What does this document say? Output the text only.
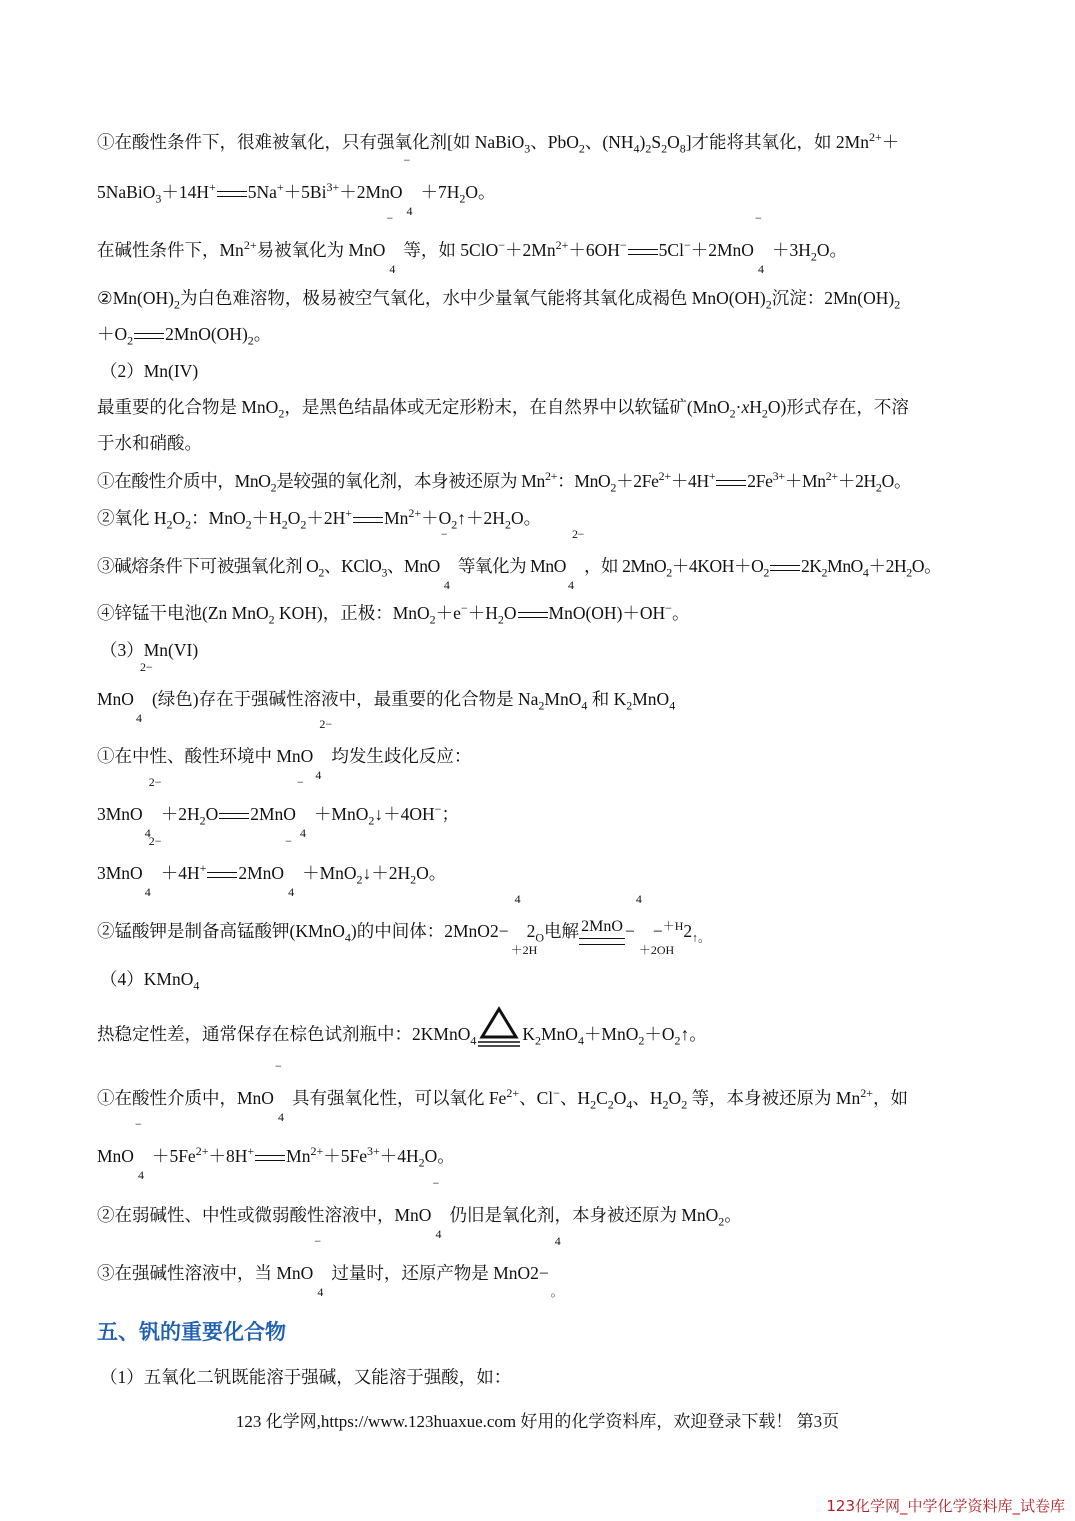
①在酸性条件下，很难被氧化，只有强氧化剂[如 NaBiO$_3$、PbO$_2$、$(NH_4)_2S_2O_8$]才能将其氧化，如 $2Mn^{2+}+$
5NaBiO$_3$＋14H+ $5Na^++5Bi^{3+}+2MnO$
−
4
$+7H_2O$。
在碱性条件下，$Mn^{2+}$易被氧化为 MnO
−
4
等，如 $5ClO^-+2Mn^{2+}+6OH^-$ 5Cl−＋2MnO
−
4
$+3H_2O$。
$②Mn(OH)_2$为白色难溶物，极易被空气氧化，水中少量氧气能将其氧化成褐色 $MnO(OH)_2$沉淀：$2Mn(OH)_2$
$+O_2$ $2MnO(OH)_2$。
（2）Mn(IV)
最重要的化合物是 MnO$_2$，是黑色结晶体或无定形粉末，在自然界中以软锰矿$(MnO_2\cdot xH_2O)$形式存在，不溶
于水和硝酸。
①在酸性介质中，MnO$_2$是较强的氧化剂，本身被还原为 $Mn^{2+}$：$MnO_2+2Fe^{2+}+4H^+$ $2Fe^{3+}+Mn^{2+}+2H_2O$。
②氧化 $H_2O_2$：$MnO_2+H_2O_2+2H^+$ $Mn^{2+}+O_2↑+2H_2O$。
③碱熔条件下可被强氧化剂 $O_2$、KClO$_3$、MnO
−
4
等氧化为 MnO
2−
4
，如 $2MnO_2+4KOH+O_2$ $2K_2MnO_4+2H_2O$。
④锌锰干电池(Zn MnO$_2$ KOH)，正极：$MnO_2+e^-+H_2O$ MnO(OH)＋OH−。
（3）Mn(VI)
MnO
2−
4
(绿色)存在于强碱性溶液中，最重要的化合物是 $Na_2MnO_4$ 和 $K_2MnO_4$
①在中性、酸性环境中 MnO
2−
4
均发生歧化反应：
3MnO
2−
4
$+2H_2O$ 2MnO
−
4
＋MnO$_2$↓＋4OH−；
3MnO
2−
4
＋4H+ 2MnO
−
4
$+MnO_2↓+2H_2O$。
②锰酸钾是制备高锰酸钾(KMnO$_4$)的中间体：2MnO2−
4
＋2H
$2_O$电解 2MnO −
4
＋2OH
$-^{+H}2_{↑。}$
（4）KMnO$_4$
热稳定性差，通常保存在棕色试剂瓶中：2KMnO$_4$	$K_2MnO_4+MnO_2+O_2↑$。
①在酸性介质中，MnO
−
4
具有强氧化性，可以氧化 $Fe^{2+}$、Cl−、$H_2C_2O_4$、$H_2O_2$ 等，本身被还原为 $Mn^{2+}$，如
MnO
−
4
$+5Fe^{2+}+8H^+$ $Mn^{2+}+5Fe^{3+}+4H_2O$。
②在弱碱性、中性或微弱酸性溶液中，MnO
−
4
仍旧是氧化剂，本身被还原为 MnO$_2$。
③在强碱性溶液中，当 MnO
−
4
过量时，还原产物是 MnO2−
4
。
五、钒的重要化合物
（1）五氧化二钒既能溶于强碱，又能溶于强酸，如：
123 化学网,https://www.123huaxue.com 好用的化学资料库，欢迎登录下载！ 第3页
123化学网_中学化学资料库_试卷库
